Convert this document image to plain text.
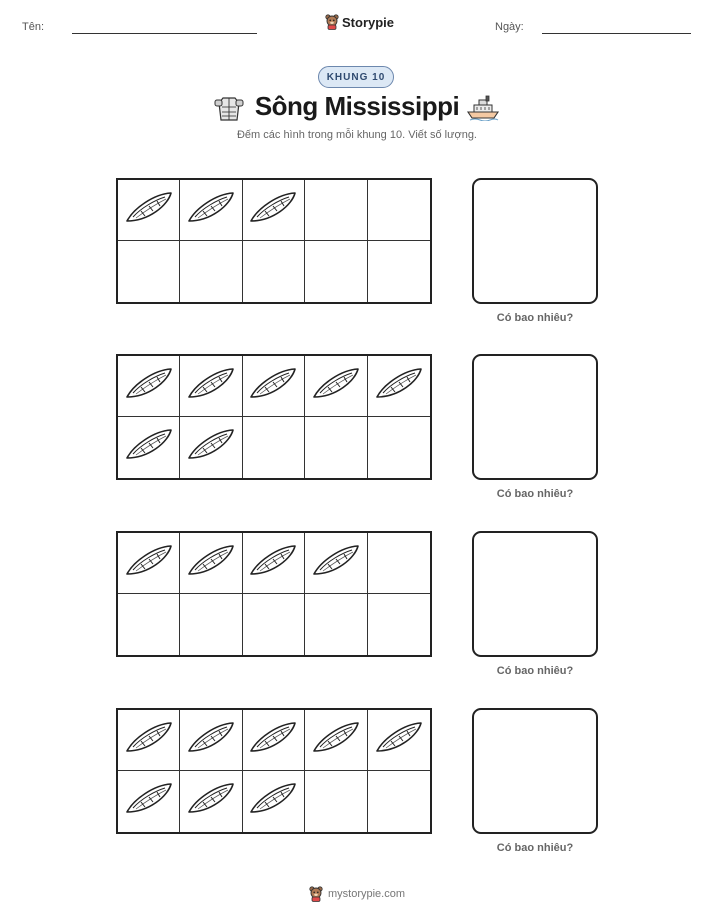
Tên:	Storypie	Ngày:
KHUNG 10
Sông Mississippi
Đếm các hình trong mỗi khung 10. Viết số lượng.
Có bao nhiêu?
Có bao nhiêu?
Có bao nhiêu?
Có bao nhiêu?
mystorypie.com
